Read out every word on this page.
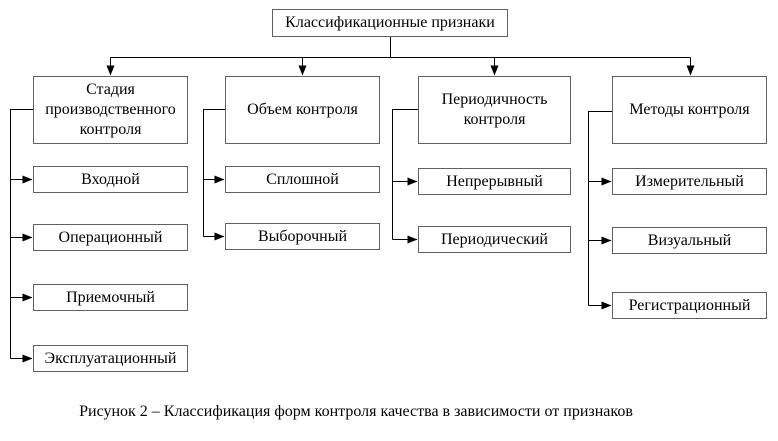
Классификационные признаки
Стадия производственного контроля
Входной
Операционный
Приемочный
Эксплуатационный
Объем контроля
Сплошной
Выборочный
Периодичность контроля
Непрерывный
Периодический
Методы контроля
Измерительный
Визуальный
Регистрационный
Рисунок 2 – Классификация форм контроля качества в зависимости от признаков
